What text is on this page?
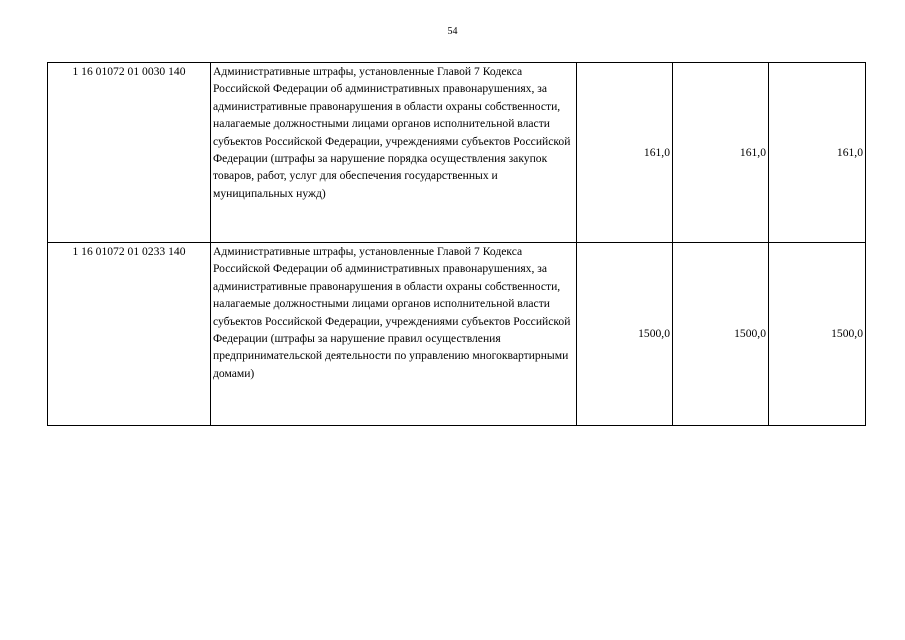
54
1 16 01072 01 0030 140	Административные штрафы, установленные Главой 7 Кодекса Российской Федерации об административных правонарушениях, за административные правонарушения в области охраны собственности, налагаемые должностными лицами органов исполнительной власти субъектов Российской Федерации, учреждениями субъектов Российской Федерации (штрафы за нарушение порядка осуществления закупок товаров, работ, услуг для обеспечения государственных и муниципальных нужд)	161,0	161,0	161,0
1 16 01072 01 0233 140	Административные штрафы, установленные Главой 7 Кодекса Российской Федерации об административных правонарушениях, за административные правонарушения в области охраны собственности, налагаемые должностными лицами органов исполнительной власти субъектов Российской Федерации, учреждениями субъектов Российской Федерации (штрафы за нарушение правил осуществления предпринимательской деятельности по управлению многоквартирными домами)	1500,0	1500,0	1500,0
